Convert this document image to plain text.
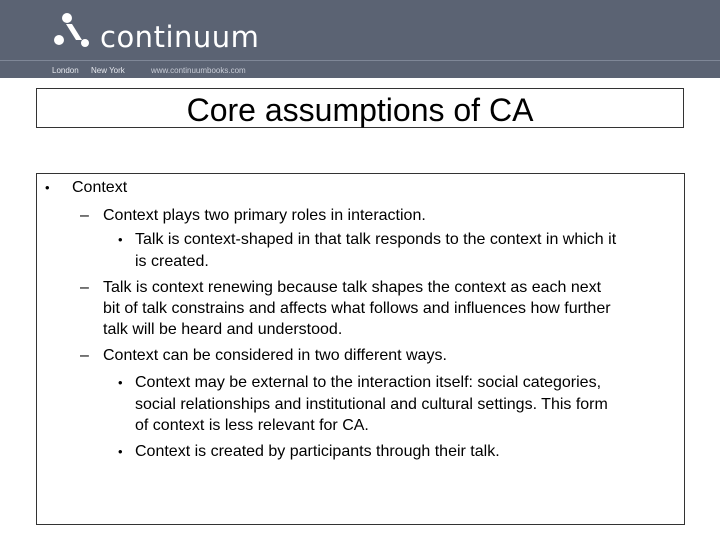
continuum
London New York	www.continuumbooks.com
Core assumptions of CA
• Context
– Context plays two primary roles in interaction.
• Talk is context-shaped in that talk responds to the context in which it
is created.
– Talk is context renewing because talk shapes the context as each next
bit of talk constrains and affects what follows and influences how further
talk will be heard and understood.
– Context can be considered in two different ways.
• Context may be external to the interaction itself: social categories,
social relationships and institutional and cultural settings. This form
of context is less relevant for CA.
• Context is created by participants through their talk.
